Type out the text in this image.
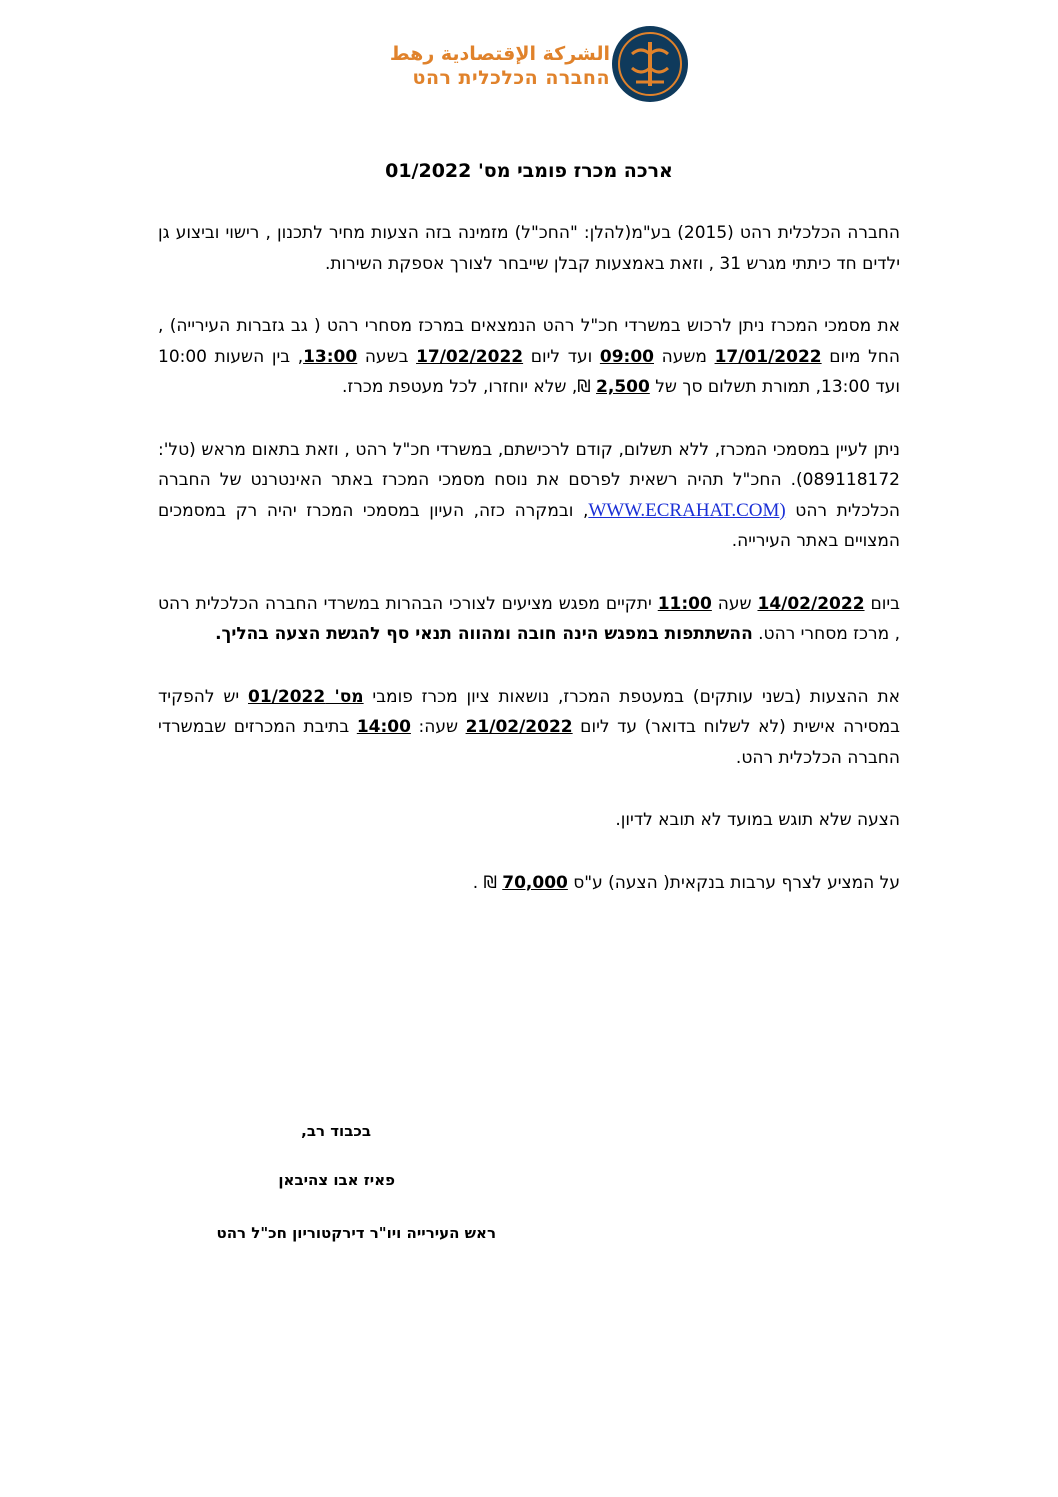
الشركة الإقتصادية رهط
החברה הכלכלית רהט
ארכה מכרז פומבי מס' 01/2022

החברה הכלכלית רהט (2015) בע"מ(להלן: "החכ"ל) מזמינה בזה הצעות מחיר לתכנון , רישוי וביצוע גן ילדים חד כיתתי מגרש 31 , וזאת באמצעות קבלן שייבחר לצורך אספקת השירות.

את מסמכי המכרז ניתן לרכוש במשרדי חכ"ל רהט הנמצאים במרכז מסחרי רהט ( גב גזברות העירייה) , החל מיום 17/01/2022 משעה 09:00 ועד ליום 17/02/2022 בשעה 13:00, בין השעות 10:00 ועד 13:00, תמורת תשלום סך של 2,500 ₪, שלא יוחזרו, לכל מעטפת מכרז.

ניתן לעיין במסמכי המכרז, ללא תשלום, קודם לרכישתם, במשרדי חכ"ל רהט , וזאת בתאום מראש (טל': 089118172). החכ"ל תהיה רשאית לפרסם את נוסח מסמכי המכרז באתר האינטרנט של החברה הכלכלית רהט (WWW.ECRAHAT.COM, ובמקרה כזה, העיון במסמכי המכרז יהיה רק במסמכים המצויים באתר העירייה.

ביום 14/02/2022 שעה 11:00 יתקיים מפגש מציעים לצורכי הבהרות במשרדי החברה הכלכלית רהט , מרכז מסחרי רהט. ההשתתפות במפגש הינה חובה ומהווה תנאי סף להגשת הצעה בהליך.

את ההצעות (בשני עותקים) במעטפת המכרז, נושאות ציון מכרז פומבי מס' 01/2022 יש להפקיד במסירה אישית (לא לשלוח בדואר) עד ליום 21/02/2022 שעה: 14:00 בתיבת המכרזים שבמשרדי החברה הכלכלית רהט.

הצעה שלא תוגש במועד לא תובא לדיון.

על המציע לצרף ערבות בנקאית( הצעה) ע"ס 70,000 ₪ .

בכבוד רב,
פאיז אבו צהיבאן
ראש העירייה ויו"ר דירקטוריון חכ"ל רהט
